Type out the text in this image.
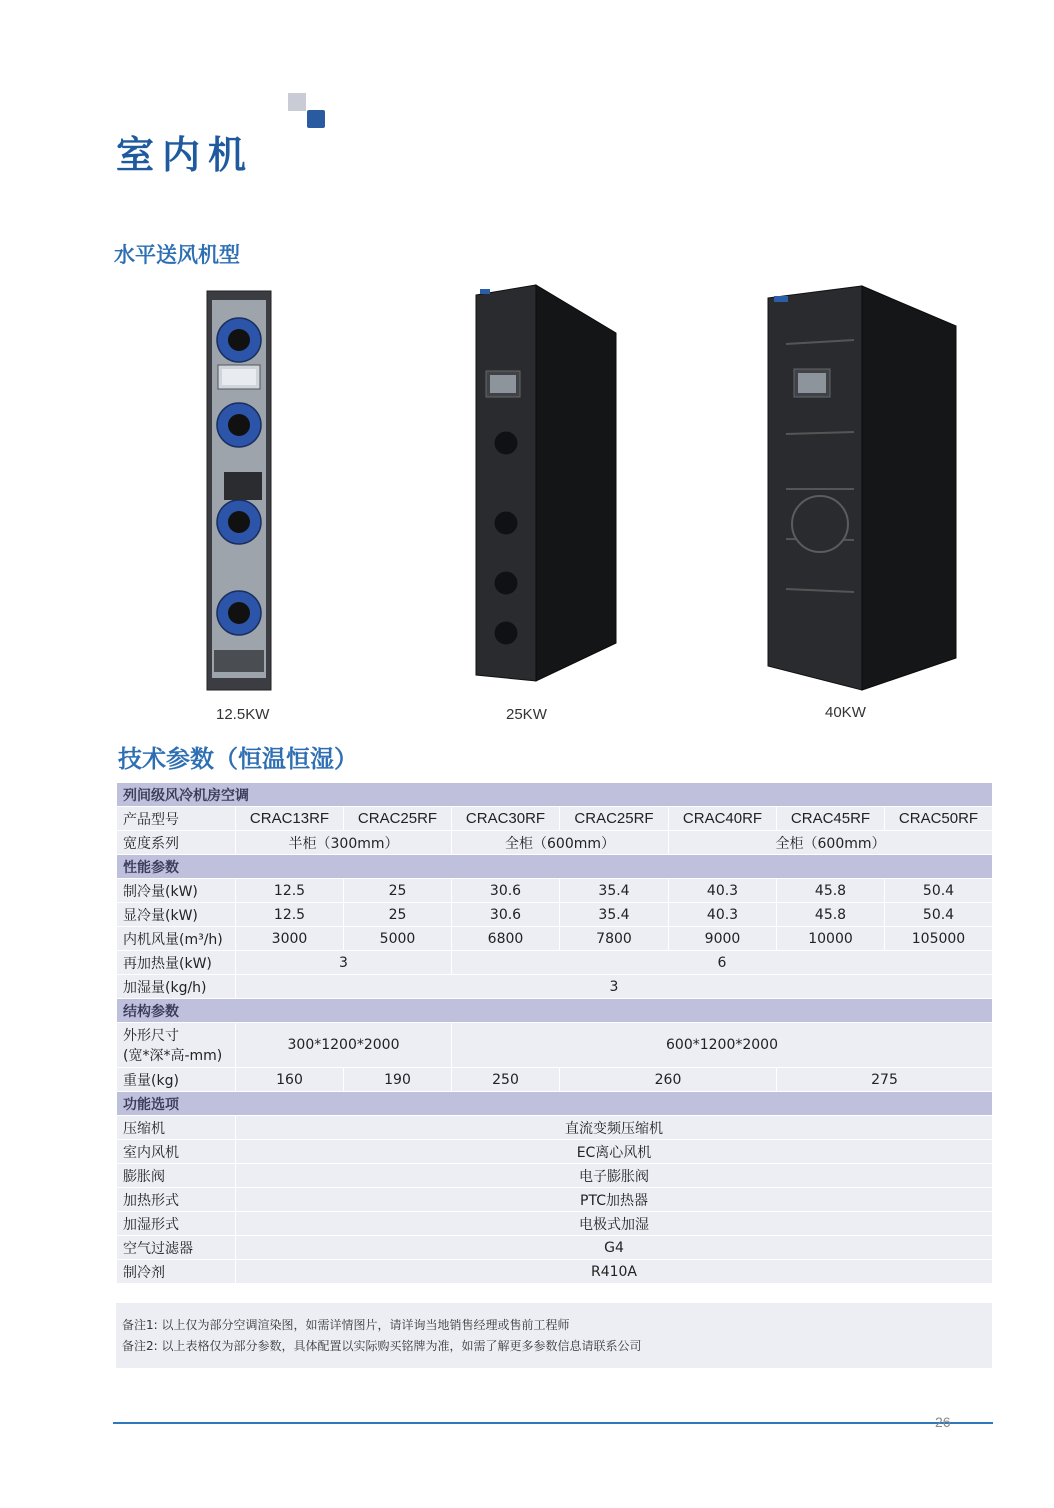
室内机
水平送风机型
12.5KW	25KW	40KW
技术参数（恒温恒湿）
列间级风冷机房空调							
产品型号	CRAC13RF	CRAC25RF	CRAC30RF	CRAC25RF	CRAC40RF	CRAC45RF	CRAC50RF
宽度系列	半柜（300mm）		全柜（600mm）		全柜（600mm）		
性能参数							
制冷量(kW)	12.5	25	30.6	35.4	40.3	45.8	50.4
显冷量(kW)	12.5	25	30.6	35.4	40.3	45.8	50.4
内机风量(m³/h)	3000	5000	6800	7800	9000	10000	105000
再加热量(kW)	3		6				
加湿量(kg/h)	3						
结构参数							

外形尺寸
(宽*深*高-mm)	300*1200*2000		600*1200*2000				
重量(kg)	160	190	250	260		275	
功能选项							
压缩机	直流变频压缩机						
室内风机	EC离心风机						
膨胀阀	电子膨胀阀						
加热形式	PTC加热器						
加湿形式	电极式加湿						
空气过滤器	G4						
制冷剂	R410A						
备注1: 以上仅为部分空调渲染图，如需详情图片，请详询当地销售经理或售前工程师
备注2: 以上表格仅为部分参数，具体配置以实际购买铭牌为准，如需了解更多参数信息请联系公司
26
